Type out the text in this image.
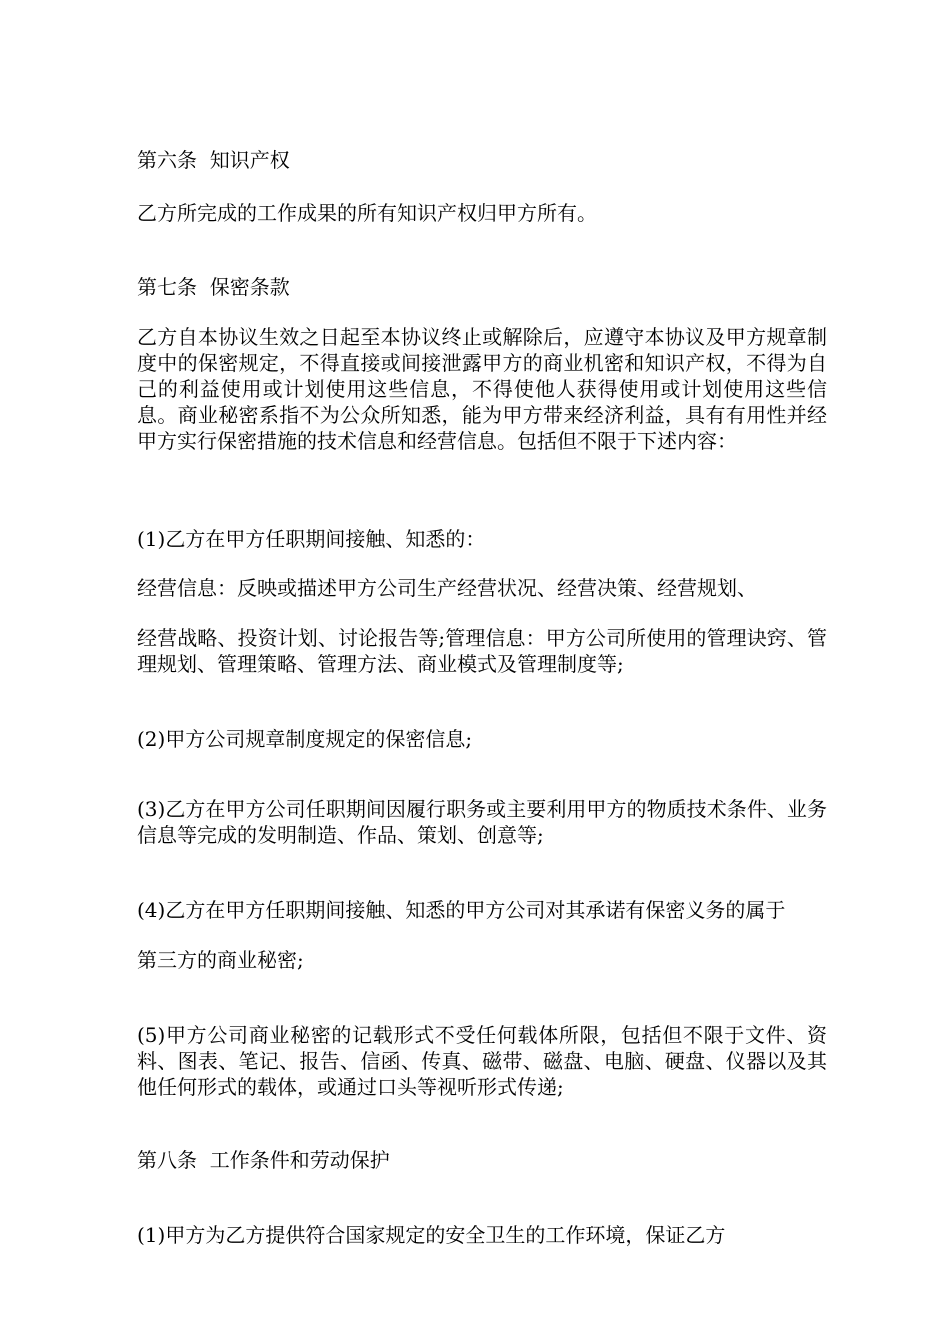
第六条  知识产权
乙方所完成的工作成果的所有知识产权归甲方所有。
第七条  保密条款
乙方自本协议生效之日起至本协议终止或解除后，应遵守本协议及甲方规章制度中的保密规定，不得直接或间接泄露甲方的商业机密和知识产权，不得为自己的利益使用或计划使用这些信息，不得使他人获得使用或计划使用这些信息。商业秘密系指不为公众所知悉，能为甲方带来经济利益，具有有用性并经甲方实行保密措施的技术信息和经营信息。包括但不限于下述内容：
(1)乙方在甲方任职期间接触、知悉的：
经营信息：反映或描述甲方公司生产经营状况、经营决策、经营规划、
经营战略、投资计划、讨论报告等;管理信息：甲方公司所使用的管理诀窍、管理规划、管理策略、管理方法、商业模式及管理制度等;
(2)甲方公司规章制度规定的保密信息;
(3)乙方在甲方公司任职期间因履行职务或主要利用甲方的物质技术条件、业务信息等完成的发明制造、作品、策划、创意等;
(4)乙方在甲方任职期间接触、知悉的甲方公司对其承诺有保密义务的属于
第三方的商业秘密;
(5)甲方公司商业秘密的记载形式不受任何载体所限，包括但不限于文件、资料、图表、笔记、报告、信函、传真、磁带、磁盘、电脑、硬盘、仪器以及其他任何形式的载体，或通过口头等视听形式传递;
第八条  工作条件和劳动保护
(1)甲方为乙方提供符合国家规定的安全卫生的工作环境，保证乙方
